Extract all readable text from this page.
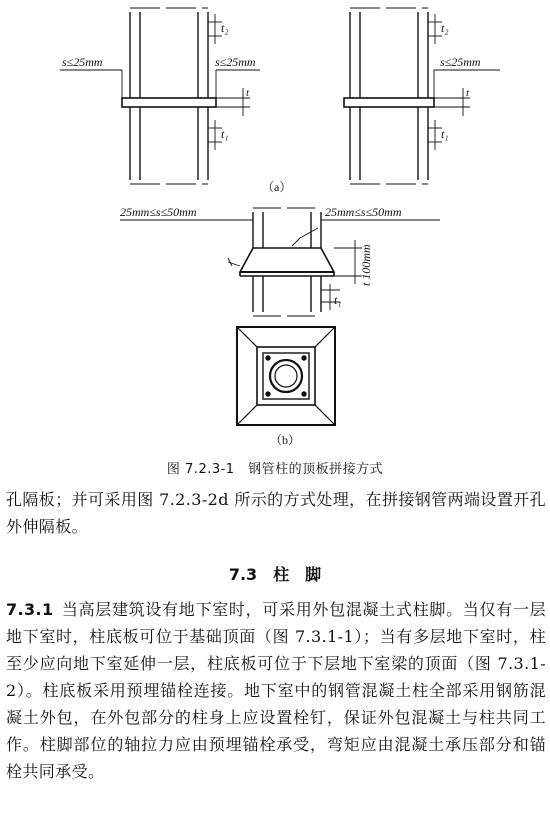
t₂	t₂
s≤25mm	s≤25mm	s≤25mm
t	t
t₁	t₁
（a）
25mm≤s≤50mm	25mm≤s≤50mm
t 100mm
t₁
（b）
图 7.2.3-1　钢管柱的顶板拼接方式
孔隔板；并可采用图 7.2.3-2d 所示的方式处理，在拼接钢管两端设置开孔外伸隔板。
7.3　柱　脚
7.3.1 当高层建筑设有地下室时，可采用外包混凝土式柱脚。当仅有一层地下室时，柱底板可位于基础顶面（图 7.3.1-1）；当有多层地下室时，柱至少应向地下室延伸一层，柱底板可位于下层地下室梁的顶面（图 7.3.1-2）。柱底板采用预埋锚栓连接。地下室中的钢管混凝土柱全部采用钢筋混凝土外包，在外包部分的柱身上应设置栓钉，保证外包混凝土与柱共同工作。柱脚部位的轴拉力应由预埋锚栓承受，弯矩应由混凝土承压部分和锚栓共同承受。
